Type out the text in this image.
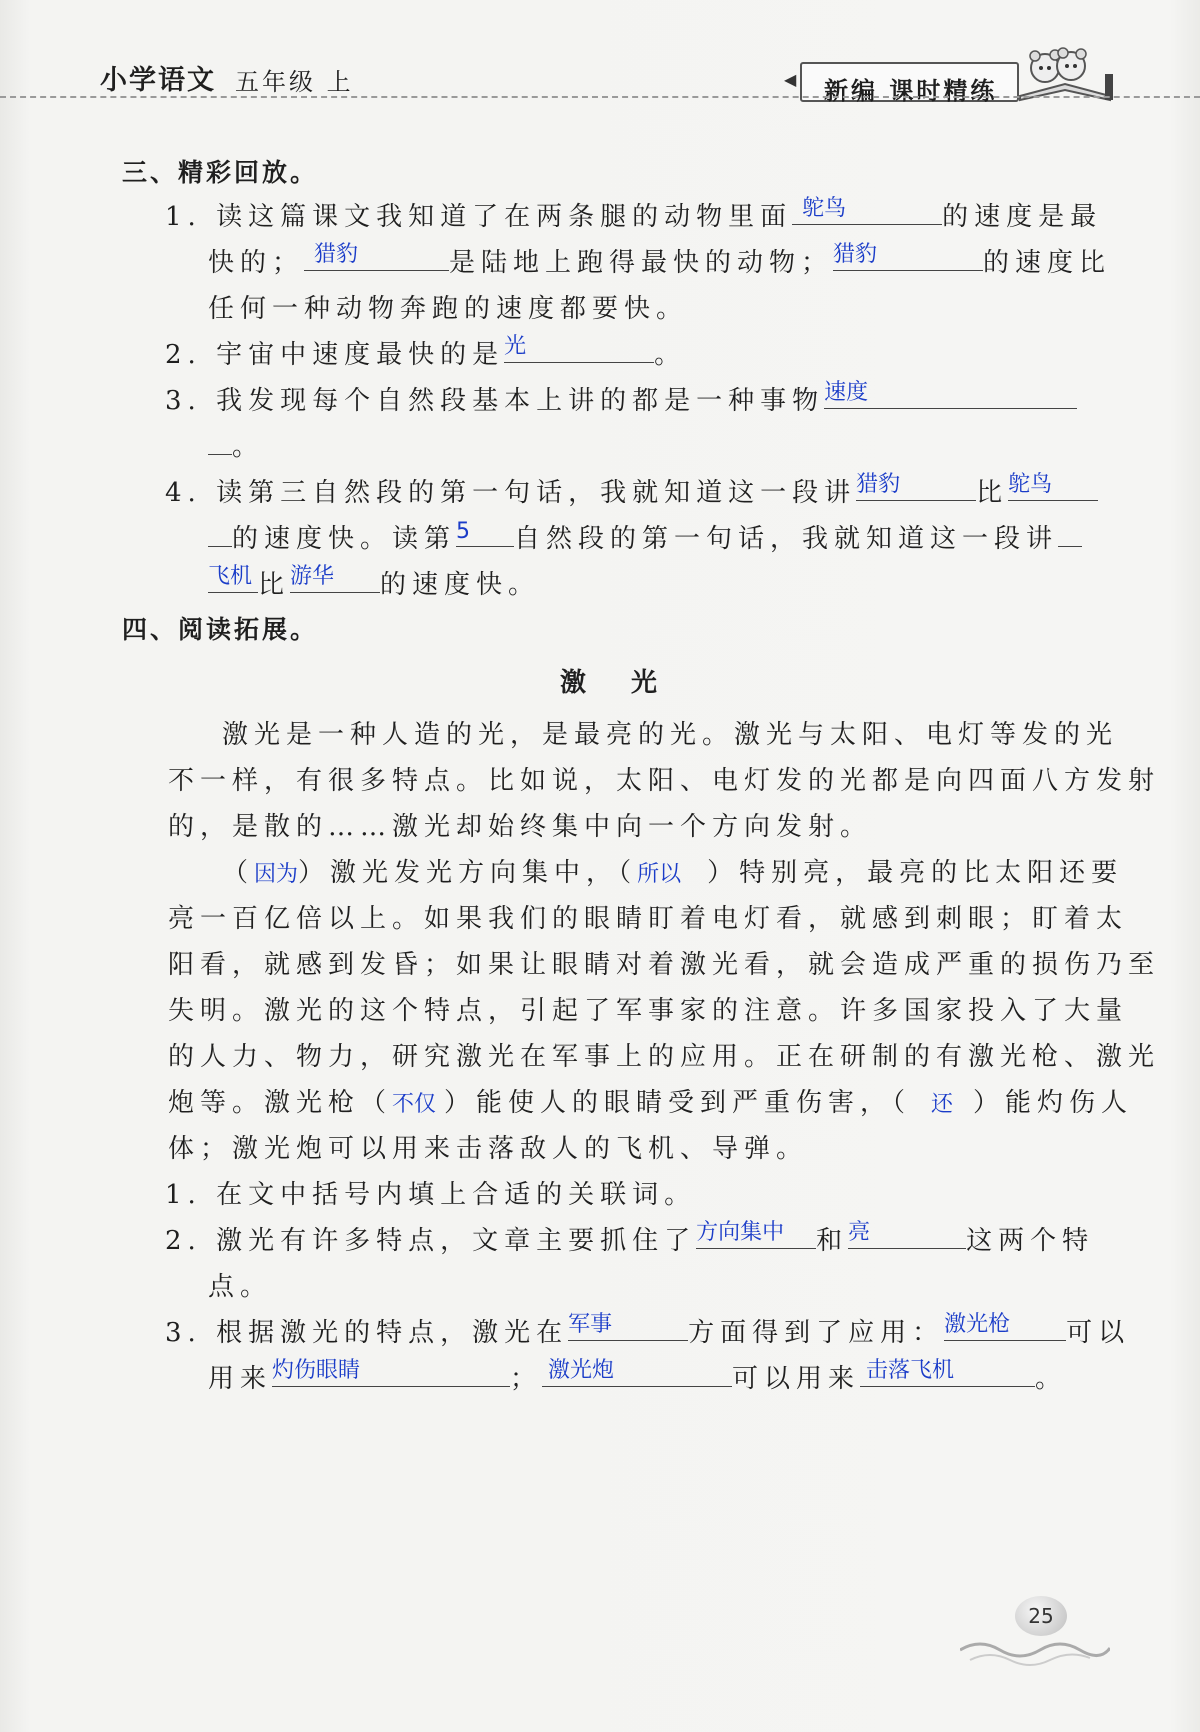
小学语文 五年级 上	◀ 新编 课时精练
三、精彩回放。
1. 读这篇课文我知道了在两条腿的动物里面 鸵鸟	的速度是最
快的； 猎豹	是陆地上跑得最快的动物； 猎豹	的速度比
任何一种动物奔跑的速度都要快。
2. 宇宙中速度最快的是 光	。
3. 我发现每个自然段基本上讲的都是一种事物 速度
。
4. 读第三自然段的第一句话，我就知道这一段讲 猎豹	比 鸵鸟
的速度快。读第 5 自然段的第一句话，我就知道这一段讲
飞机 比 游华 的速度快。
四、阅读拓展。
激 光
激光是一种人造的光，是最亮的光。激光与太阳、电灯等发的光
不一样，有很多特点。比如说，太阳、电灯发的光都是向四面八方发射
的，是散的……激光却始终集中向一个方向发射。
（因为）激光发光方向集中，（所以 ）特别亮，最亮的比太阳还要
亮一百亿倍以上。如果我们的眼睛盯着电灯看，就感到刺眼；盯着太
阳看，就感到发昏；如果让眼睛对着激光看，就会造成严重的损伤乃至
失明。激光的这个特点，引起了军事家的注意。许多国家投入了大量
的人力、物力，研究激光在军事上的应用。正在研制的有激光枪、激光
炮等。激光枪（不仅 ）能使人的眼睛受到严重伤害，（ 还 ）能灼伤人
体；激光炮可以用来击落敌人的飞机、导弹。
1. 在文中括号内填上合适的关联词。
2. 激光有许多特点，文章主要抓住了 方向集中 和 亮	这两个特
点。
3. 根据激光的特点，激光在 军事	方面得到了应用： 激光枪 可以
用来 灼伤眼睛	； 激光炮	可以用来 击落飞机	。
25
